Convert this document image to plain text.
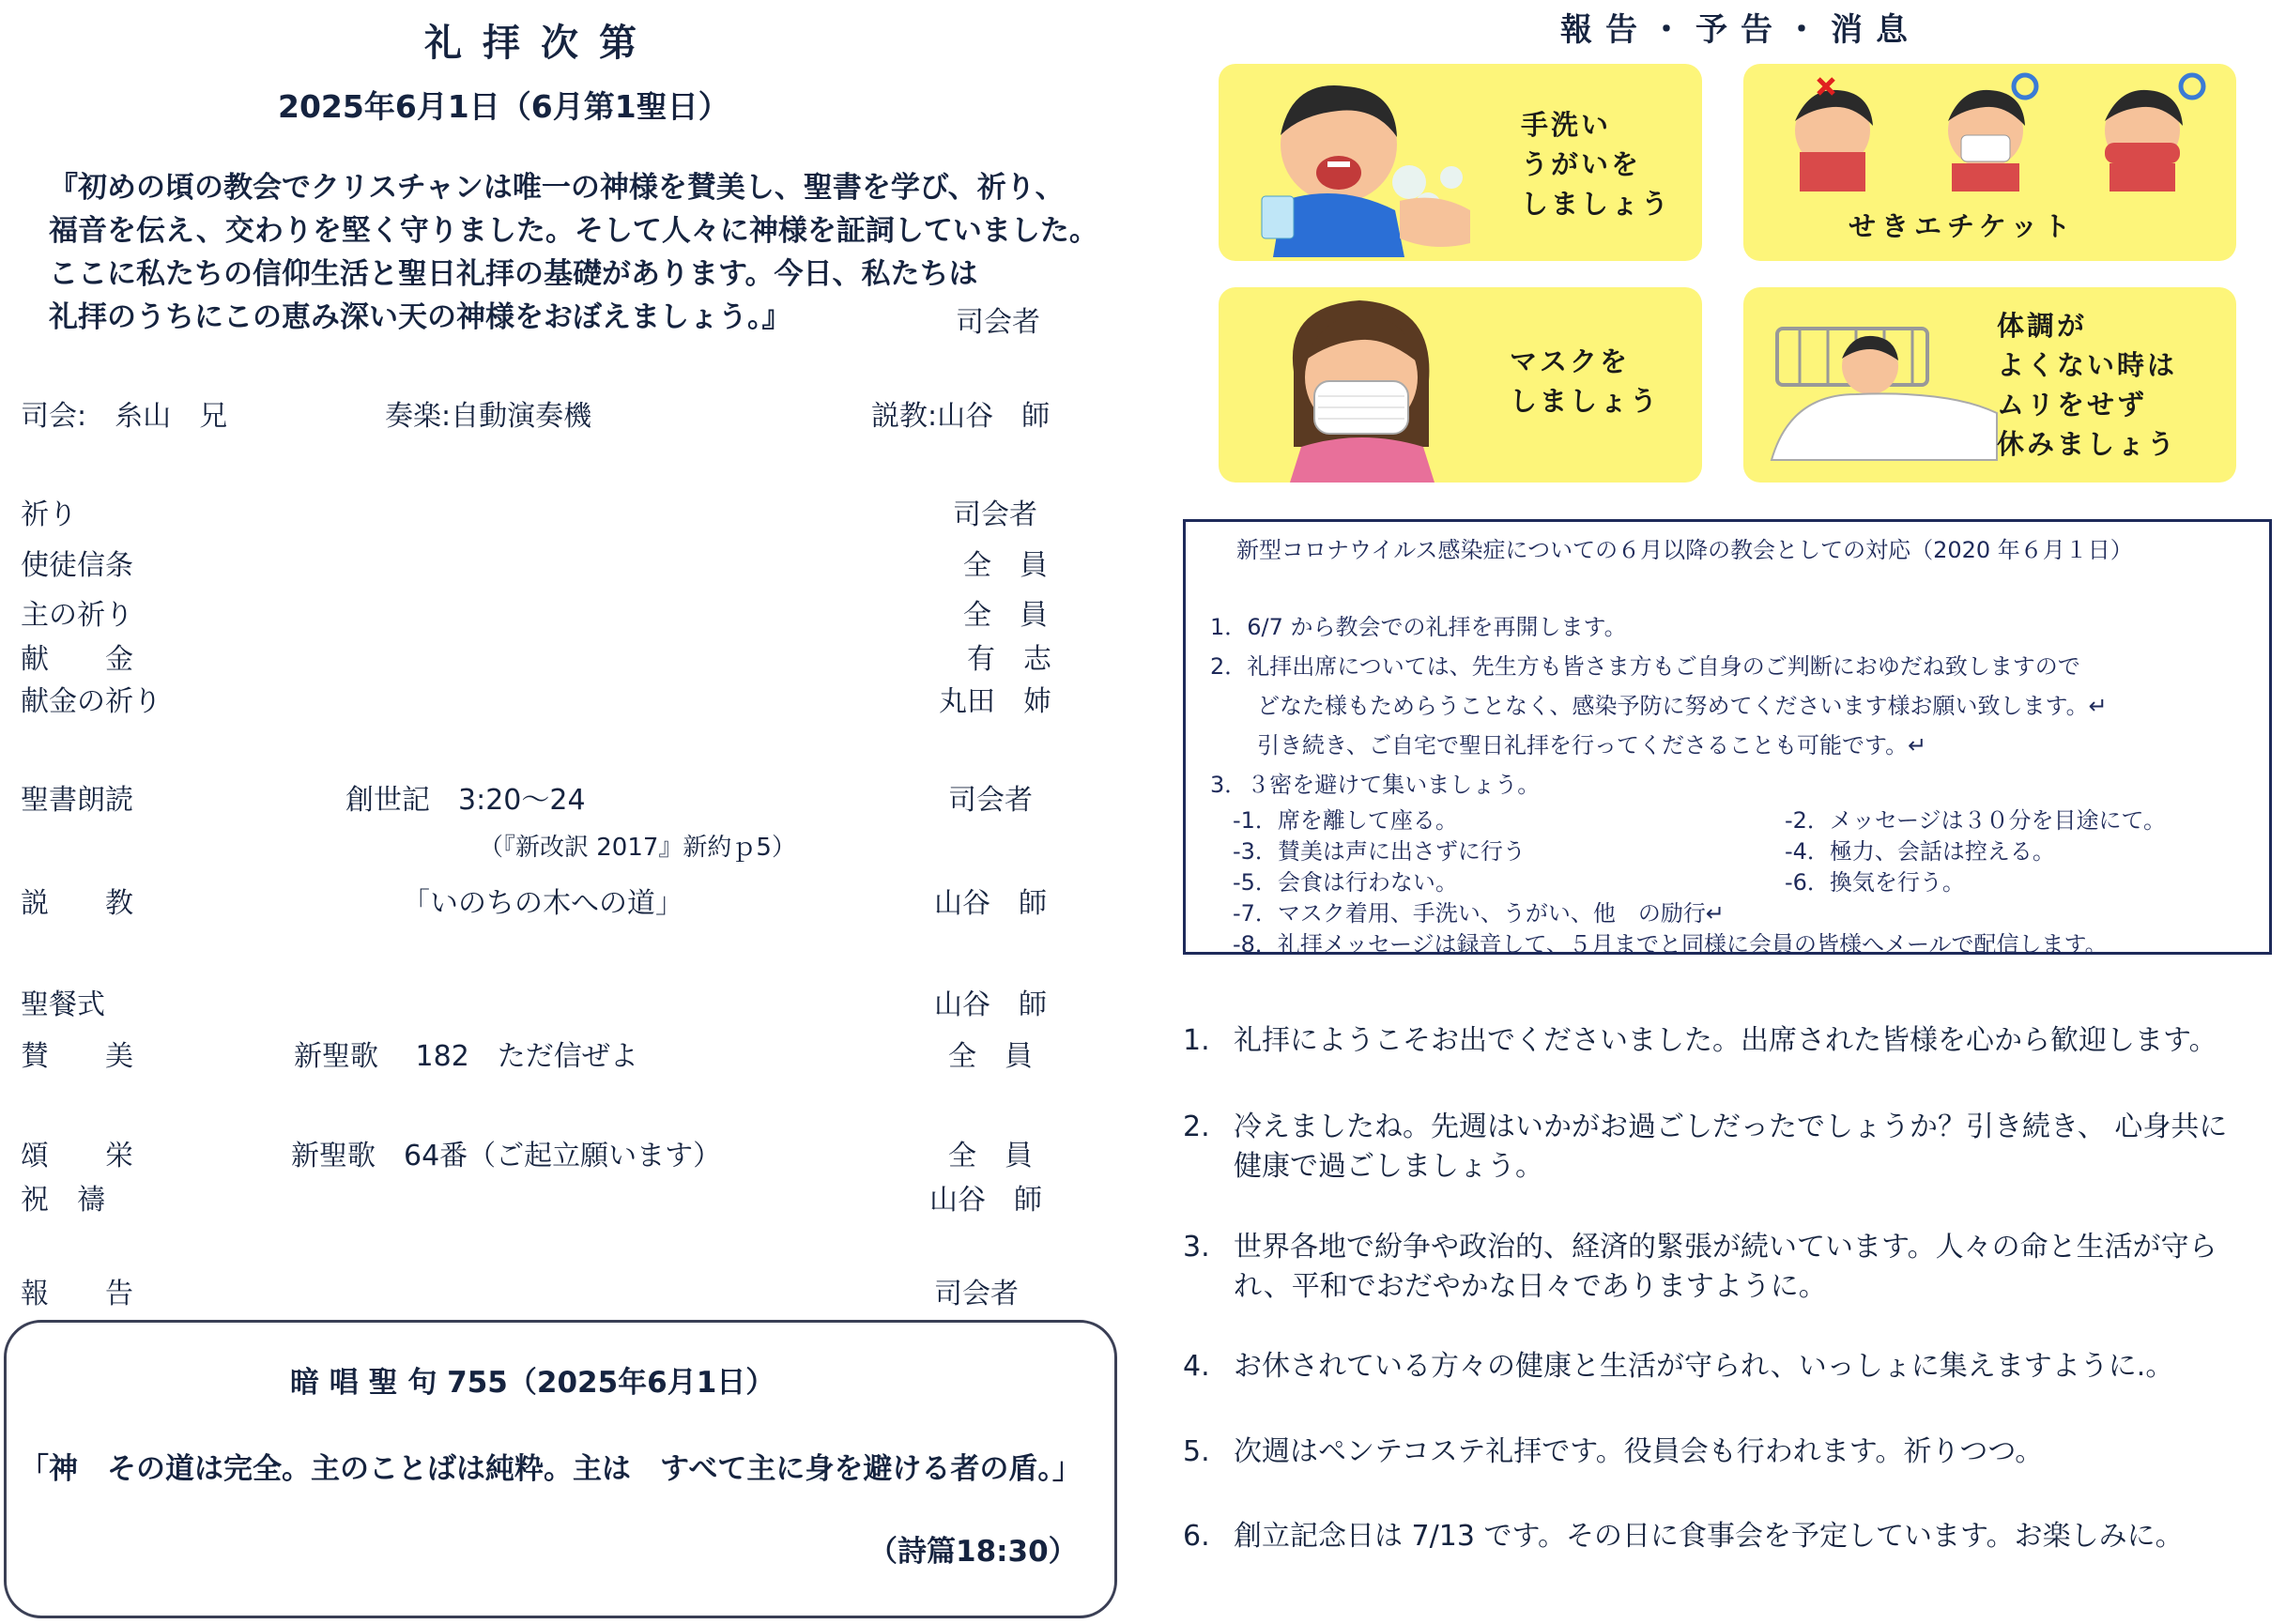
礼拝次第
2025年6月1日（6月第1聖日）
『初めの頃の教会でクリスチャンは唯一の神様を賛美し、聖書を学び、祈り、
福音を伝え、交わりを堅く守りました。そして人々に神様を証詞していました。
ここに私たちの信仰生活と聖日礼拝の基礎があります。今日、私たちは
礼拝のうちにこの恵み深い天の神様をおぼえましょう。』	司会者
司会:　糸山　兄	奏楽:自動演奏機	説教:山谷　師
祈り	司会者
使徒信条	全　員
主の祈り	全　員
献　　金	有　志
献金の祈り	丸田　姉
聖書朗読	創世記　3:20〜24	司会者
（『新改訳 2017』新約ｐ5）
説　　教	「いのちの木への道」	山谷　師
聖餐式	山谷　師
賛　　美	新聖歌　 182　ただ信ぜよ	全　員
頌　　栄	新聖歌　64番（ご起立願います）	全　員
祝　禱	山谷　師
報　　告	司会者
暗 唱 聖 句 755（2025年6月1日）
「神　その道は完全。主のことばは純粋。主は　すべて主に身を避ける者の盾。」
（詩篇18:30）
報告・予告・消息
手洗い
うがいを
しましょう
せきエチケット
マスクを
しましょう
体調が
よくない時は
ムリをせず
休みましょう
新型コロナウイルス感染症についての６月以降の教会としての対応（2020 年６月１日）
1．6/7 から教会での礼拝を再開します。
2．礼拝出席については、先生方も皆さま方もご自身のご判断におゆだね致しますので
どなた様もためらうことなく、感染予防に努めてくださいます様お願い致します。↵
引き続き、ご自宅で聖日礼拝を行ってくださることも可能です。↵
3．３密を避けて集いましょう。
-1．席を離して座る。	-2．メッセージは３０分を目途にて。
-3．賛美は声に出さずに行う	-4．極力、会話は控える。
-5．会食は行わない。	-6．換気を行う。
-7．マスク着用、手洗い、うがい、他　の励行↵
-8．礼拝メッセージは録音して、５月までと同様に会員の皆様へメールで配信します。
1. 礼拝にようこそお出でくださいました。出席された皆様を心から歓迎します。
2. 冷えましたね。先週はいかがお過ごしだったでしょうか？引き続き、 心身共に健康で過ごしましょう。
3. 世界各地で紛争や政治的、経済的緊張が続いています。人々の命と生活が守られ、平和でおだやかな日々でありますように。
4. お休されている方々の健康と生活が守られ、いっしょに集えますように.。
5. 次週はペンテコステ礼拝です。役員会も行われます。祈りつつ。
6. 創立記念日は 7/13 です。その日に食事会を予定しています。お楽しみに。
